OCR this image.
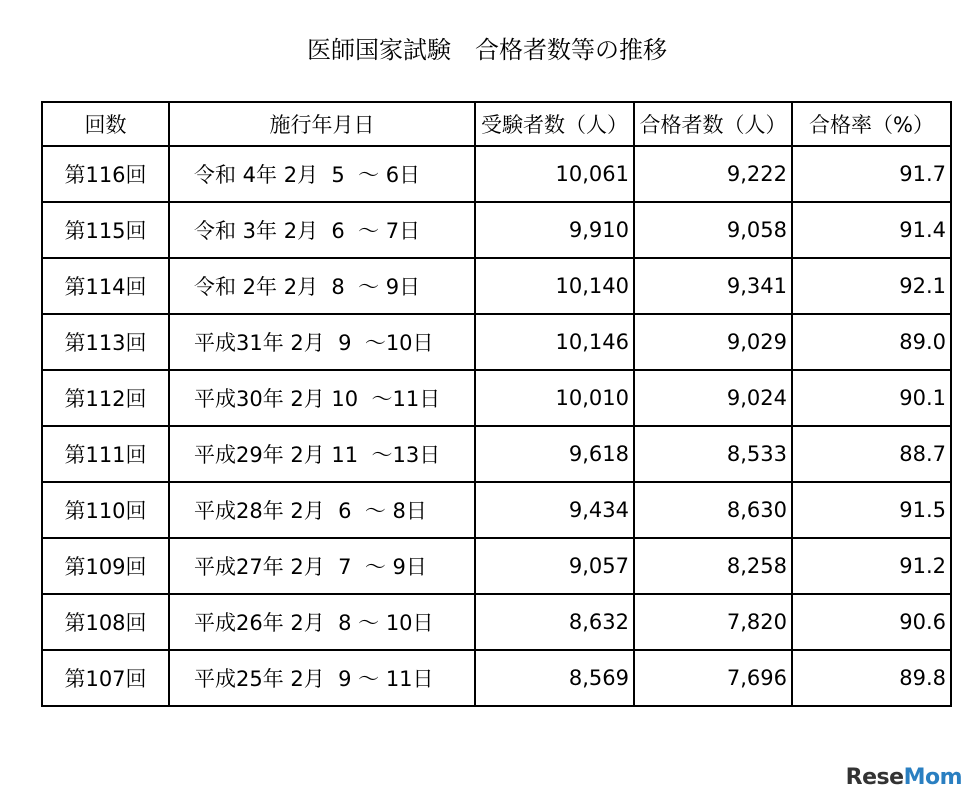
医師国家試験　合格者数等の推移
回数	施行年月日	受験者数（人）	合格者数（人）	合格率（%）
第116回	令和 4年 2月  5  ～ 6日	10,061	9,222	91.7
第115回	令和 3年 2月  6  ～ 7日	9,910	9,058	91.4
第114回	令和 2年 2月  8  ～ 9日	10,140	9,341	92.1
第113回	平成31年 2月  9  ～10日	10,146	9,029	89.0
第112回	平成30年 2月 10  ～11日	10,010	9,024	90.1
第111回	平成29年 2月 11  ～13日	9,618	8,533	88.7
第110回	平成28年 2月  6  ～ 8日	9,434	8,630	91.5
第109回	平成27年 2月  7  ～ 9日	9,057	8,258	91.2
第108回	平成26年 2月  8 ～ 10日	8,632	7,820	90.6
第107回	平成25年 2月  9 ～ 11日	8,569	7,696	89.8
ReseMom
